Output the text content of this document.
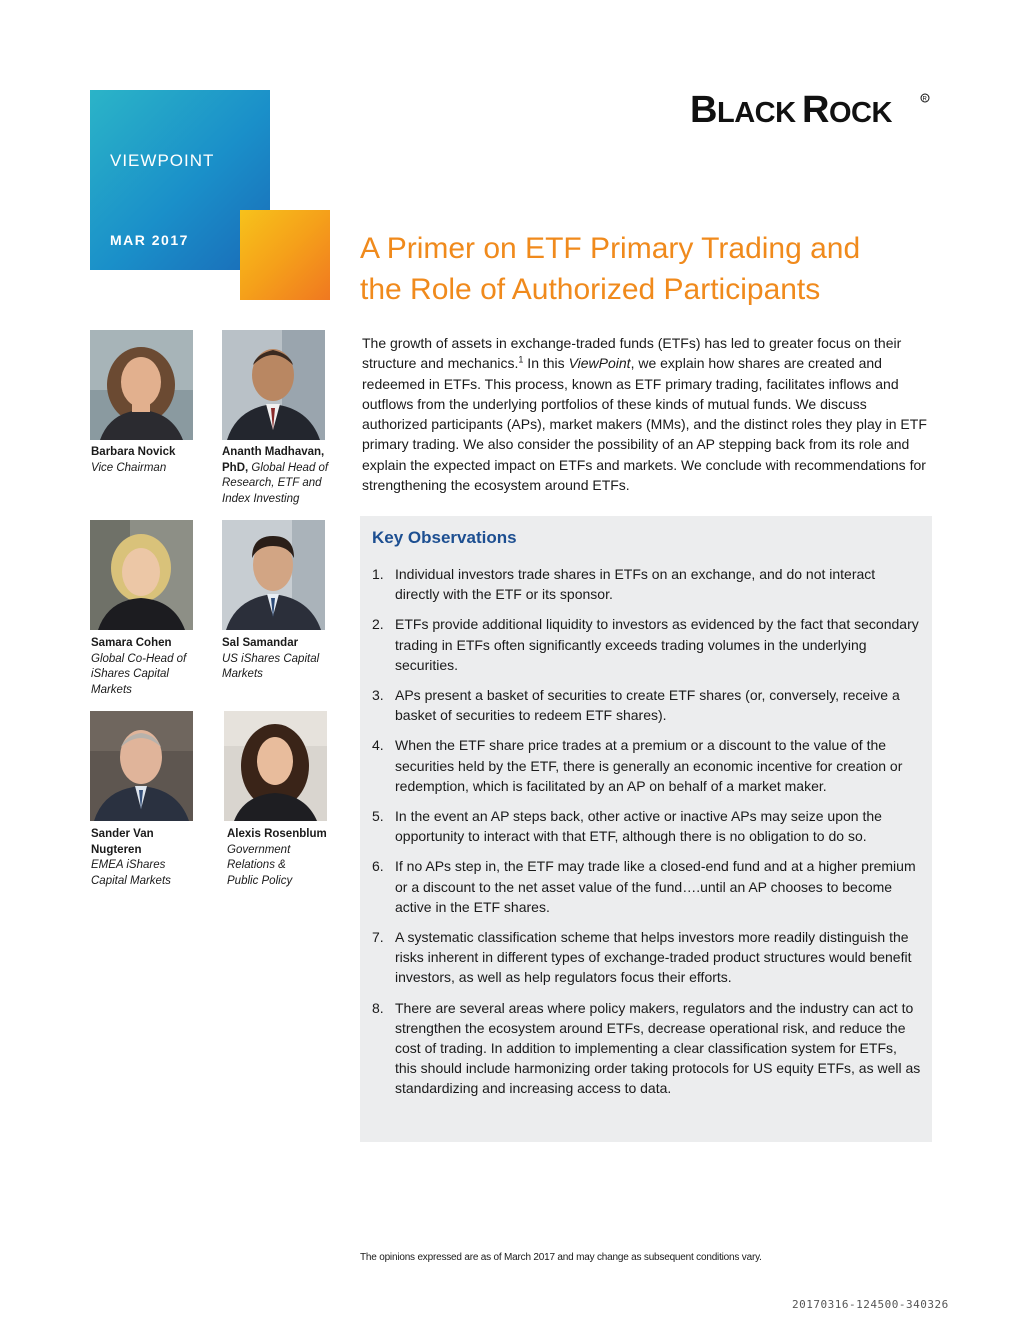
VIEWPOINT
MAR 2017
B LACK R OCK	R
A Primer on ETF Primary Trading and
the Role of Authorized Participants

The growth of assets in exchange-traded funds (ETFs) has led to greater focus on their structure and mechanics.$^1$ In this ViewPoint, we explain how shares are created and redeemed in ETFs. This process, known as ETF primary trading, facilitates inflows and outflows from the underlying portfolios of these kinds of mutual funds. We discuss authorized participants (APs), market makers (MMs), and the distinct roles they play in ETF primary trading. We also consider the possibility of an AP stepping back from its role and explain the expected impact on ETFs and markets. We conclude with recommendations for strengthening the ecosystem around ETFs.

Barbara Novick
Vice Chairman
Ananth Madhavan, PhD, Global Head of Research, ETF and Index Investing
Samara Cohen
Global Co-Head of iShares Capital Markets
Sal Samandar
US iShares Capital Markets
Sander Van Nugteren
EMEA iShares Capital Markets
Alexis Rosenblum
Government Relations & Public Policy
Key Observations
1. Individual investors trade shares in ETFs on an exchange, and do not interact directly with the ETF or its sponsor.
2. ETFs provide additional liquidity to investors as evidenced by the fact that secondary trading in ETFs often significantly exceeds trading volumes in the underlying securities.
3. APs present a basket of securities to create ETF shares (or, conversely, receive a basket of securities to redeem ETF shares).
4. When the ETF share price trades at a premium or a discount to the value of the securities held by the ETF, there is generally an economic incentive for creation or redemption, which is facilitated by an AP on behalf of a market maker.
5. In the event an AP steps back, other active or inactive APs may seize upon the opportunity to interact with that ETF, although there is no obligation to do so.
6. If no APs step in, the ETF may trade like a closed-end fund and at a higher premium or a discount to the net asset value of the fund….until an AP chooses to become active in the ETF shares.
7. A systematic classification scheme that helps investors more readily distinguish the risks inherent in different types of exchange-traded product structures would benefit investors, as well as help regulators focus their efforts.
8. There are several areas where policy makers, regulators and the industry can act to strengthen the ecosystem around ETFs, decrease operational risk, and reduce the cost of trading. In addition to implementing a clear classification system for ETFs, this should include harmonizing order taking protocols for US equity ETFs, as well as standardizing and increasing access to data.
The opinions expressed are as of March 2017 and may change as subsequent conditions vary.
20170316-124500-340326
